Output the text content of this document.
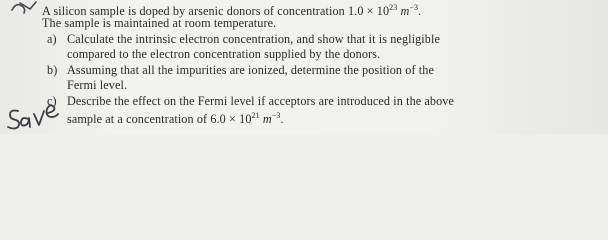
A silicon sample is doped by arsenic donors of concentration $1.0 \times 10^{23}$ $m^{-3}$.
The sample is maintained at room temperature.
a) Calculate the intrinsic electron concentration, and show that it is negligible
compared to the electron concentration supplied by the donors.
b) Assuming that all the impurities are ionized, determine the position of the
Fermi level.
c) Describe the effect on the Fermi level if acceptors are introduced in the above
sample at a concentration of $6.0 \times 10^{21}$ $m^{-3}$.
